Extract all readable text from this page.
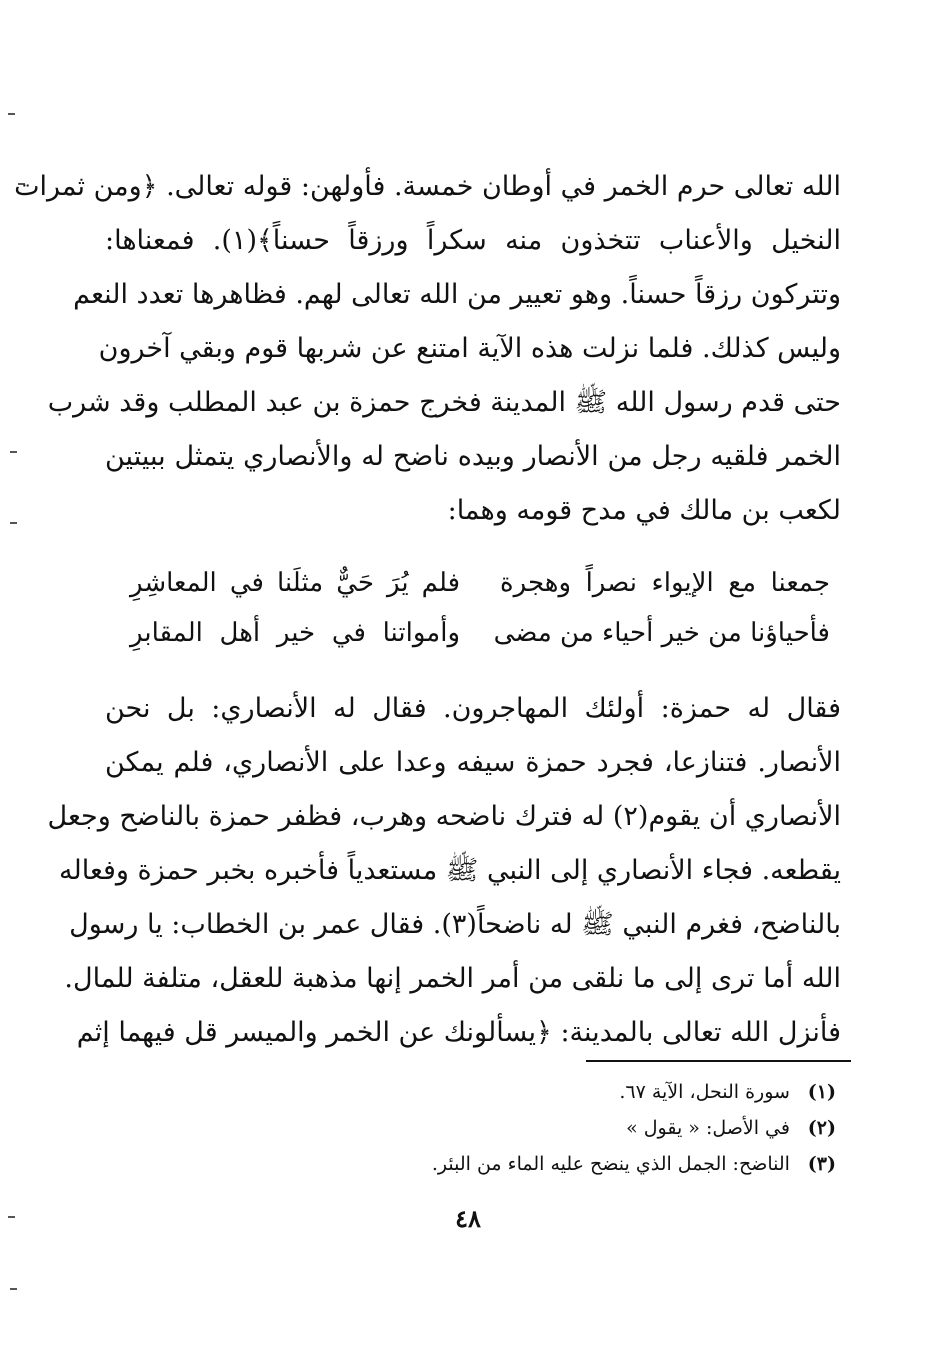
الله تعالى حرم الخمر في أوطان خمسة. فأولهن: قوله تعالى. ﴿ومن ثمرات
النخيل والأعناب تتخذون منه سكراً ورزقاً حسناً﴾(١). فمعناها:
وتتركون رزقاً حسناً. وهو تعيير من الله تعالى لهم. فظاهرها تعدد النعم
وليس كذلك. فلما نزلت هذه الآية امتنع عن شربها قوم وبقي آخرون
حتى قدم رسول الله ﷺ المدينة فخرج حمزة بن عبد المطلب وقد شرب
الخمر فلقيه رجل من الأنصار وبيده ناضح له والأنصاري يتمثل ببيتين
لكعب بن مالك في مدح قومه وهما:
جمعنا مع الإيواء نصراً وهجرة
فلم يُرَ حَيٌّ مثلَنا في المعاشِرِ
فأحياؤنا من خير أحياء من مضى
وأمواتنا في خير أهل المقابرِ
فقال له حمزة: أولئك المهاجرون. فقال له الأنصاري: بل نحن
الأنصار. فتنازعا، فجرد حمزة سيفه وعدا على الأنصاري، فلم يمكن
الأنصاري أن يقوم(٢) له فترك ناضحه وهرب، فظفر حمزة بالناضح وجعل
يقطعه. فجاء الأنصاري إلى النبي ﷺ مستعدياً فأخبره بخبر حمزة وفعاله
بالناضح، فغرم النبي ﷺ له ناضحاً(٣). فقال عمر بن الخطاب: يا رسول
الله أما ترى إلى ما نلقى من أمر الخمر إنها مذهبة للعقل، متلفة للمال.
فأنزل الله تعالى بالمدينة: ﴿يسألونك عن الخمر والميسر قل فيهما إثم
(١) سورة النحل، الآية ٦٧.
(٢) في الأصل: « يقول »
(٣) الناضح: الجمل الذي ينضح عليه الماء من البئر.
٤٨
